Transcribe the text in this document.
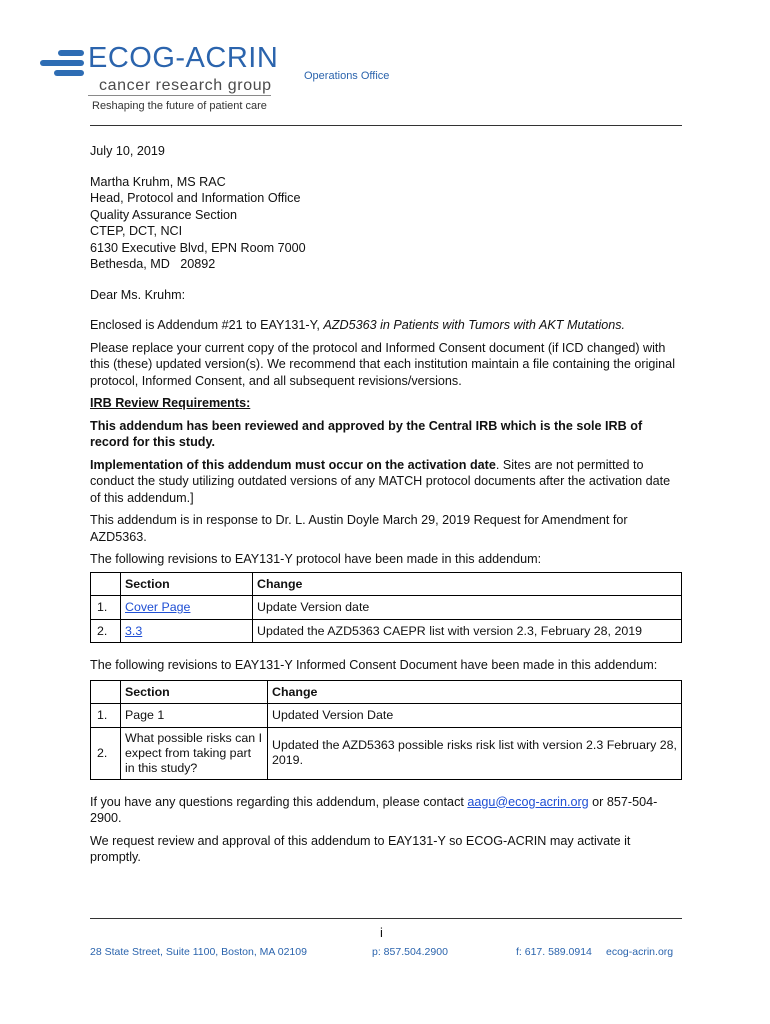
ECOG-ACRIN
cancer research group
Reshaping the future of patient care
Operations Office

July 10, 2019

Martha Kruhm, MS RAC

Head, Protocol and Information Office

Quality Assurance Section

CTEP, DCT, NCI

6130 Executive Blvd, EPN Room 7000

Bethesda, MD   20892

Dear Ms. Kruhm:

Enclosed is Addendum #21 to EAY131-Y, AZD5363 in Patients with Tumors with AKT Mutations.

Please replace your current copy of the protocol and Informed Consent document (if ICD changed) with this (these) updated version(s). We recommend that each institution maintain a file containing the original protocol, Informed Consent, and all subsequent revisions/versions.

IRB Review Requirements:

This addendum has been reviewed and approved by the Central IRB which is the sole IRB of record for this study.

Implementation of this addendum must occur on the activation date. Sites are not permitted to conduct the study utilizing outdated versions of any MATCH protocol documents after the activation date of this addendum.]

This addendum is in response to Dr. L. Austin Doyle March 29, 2019 Request for Amendment for AZD5363.

The following revisions to EAY131-Y protocol have been made in this addendum:

	Section	Change
1.	Cover Page	Update Version date
2.	3.3	Updated the AZD5363 CAEPR list with version 2.3, February 28, 2019

The following revisions to EAY131-Y Informed Consent Document have been made in this addendum:

	Section	Change
1.	Page 1	Updated Version Date
2.	What possible risks can I expect from taking part in this study?	Updated the AZD5363 possible risks risk list with version 2.3 February 28, 2019.

If you have any questions regarding this addendum, please contact aagu@ecog-acrin.org or 857-504-2900.

We request review and approval of this addendum to EAY131-Y so ECOG-ACRIN may activate it promptly.

i
28 State Street, Suite 1100, Boston, MA 02109	p: 857.504.2900	f: 617. 589.0914 ecog-acrin.org
